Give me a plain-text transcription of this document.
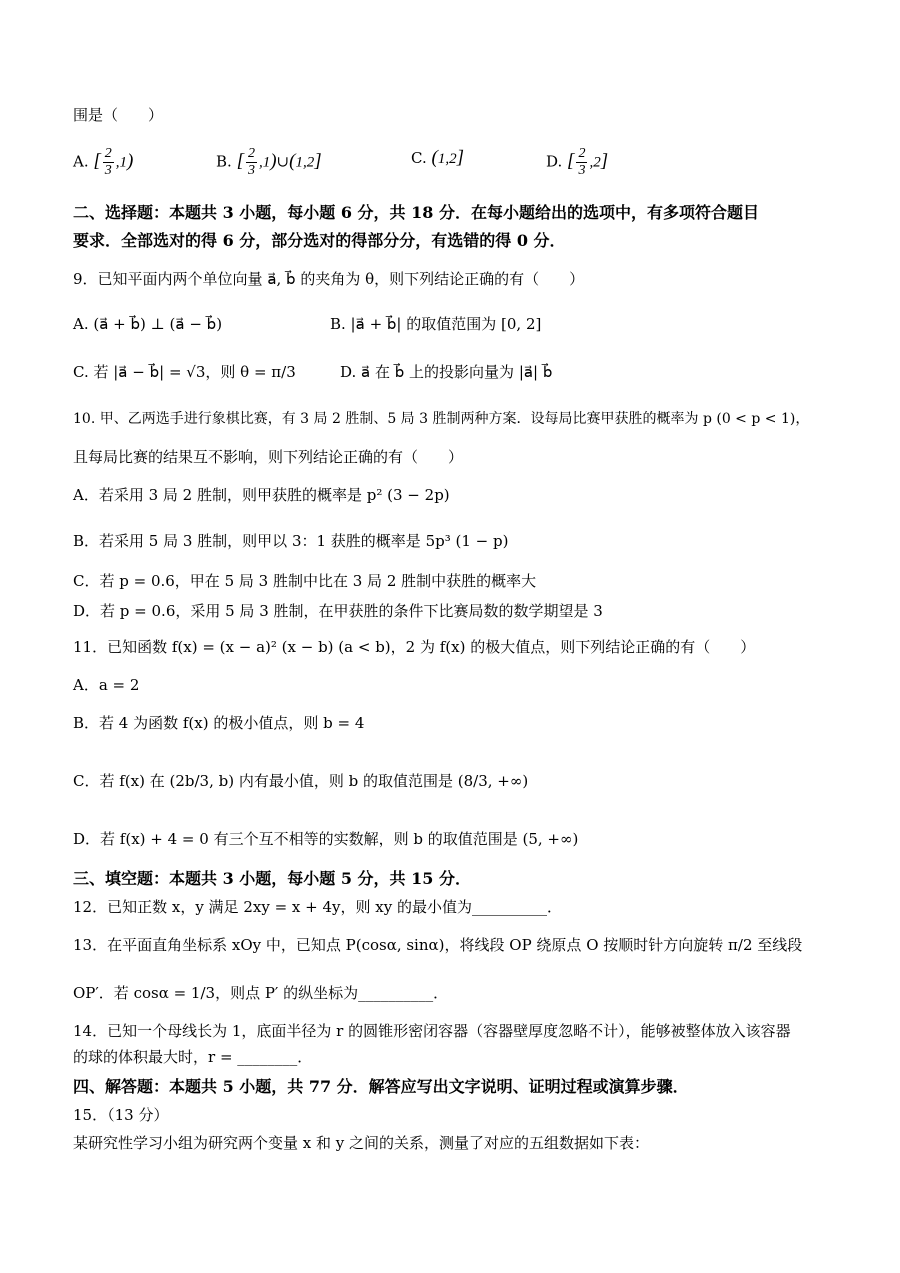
围是（　　）
A. [ $\frac{2}{3} ,1$)	B. [ $\frac{2}{3}$ ,1)∪(1,2]	C. (1,2]	D. [ $\frac{2}{3} ,2$]
二、选择题：本题共 3 小题，每小题 6 分，共 18 分．在每小题给出的选项中，有多项符合题目
要求．全部选对的得 6 分，部分选对的得部分分，有选错的得 0 分．
9．已知平面内两个单位向量 a⃗, b⃗ 的夹角为 θ，则下列结论正确的有（　　）
A. (a⃗ + b⃗) ⊥ (a⃗ − b⃗)	B. |a⃗ + b⃗| 的取值范围为 [0, 2]
C. 若 |a⃗ − b⃗| = √3，则 θ = π/3	D. a⃗ 在 b⃗ 上的投影向量为 |a⃗| b⃗
10. 甲、乙两选手进行象棋比赛，有 3 局 2 胜制、5 局 3 胜制两种方案．设每局比赛甲获胜的概率为 p (0 < p < 1)，
且每局比赛的结果互不影响，则下列结论正确的有（　　）
A．若采用 3 局 2 胜制，则甲获胜的概率是 p² (3 − 2p)
B．若采用 5 局 3 胜制，则甲以 3：1 获胜的概率是 5p³ (1 − p)
C．若 p = 0.6，甲在 5 局 3 胜制中比在 3 局 2 胜制中获胜的概率大
D．若 p = 0.6，采用 5 局 3 胜制，在甲获胜的条件下比赛局数的数学期望是 3
11．已知函数 f(x) = (x − a)² (x − b) (a < b)，2 为 f(x) 的极大值点，则下列结论正确的有（　　）
A．a = 2
B．若 4 为函数 f(x) 的极小值点，则 b = 4
C．若 f(x) 在 (2b/3, b) 内有最小值，则 b 的取值范围是 (8/3, +∞)
D．若 f(x) + 4 = 0 有三个互不相等的实数解，则 b 的取值范围是 (5, +∞)
三、填空题：本题共 3 小题，每小题 5 分，共 15 分．
12．已知正数 x，y 满足 2xy = x + 4y，则 xy 的最小值为__________．
13．在平面直角坐标系 xOy 中，已知点 P(cosα, sinα)，将线段 OP 绕原点 O 按顺时针方向旋转 π/2 至线段
OP′．若 cosα = 1/3，则点 P′ 的纵坐标为__________．
14．已知一个母线长为 1，底面半径为 r 的圆锥形密闭容器（容器壁厚度忽略不计），能够被整体放入该容器
的球的体积最大时，r = ________．
四、解答题：本题共 5 小题，共 77 分．解答应写出文字说明、证明过程或演算步骤．
15．（13 分）
某研究性学习小组为研究两个变量 x 和 y 之间的关系，测量了对应的五组数据如下表：
